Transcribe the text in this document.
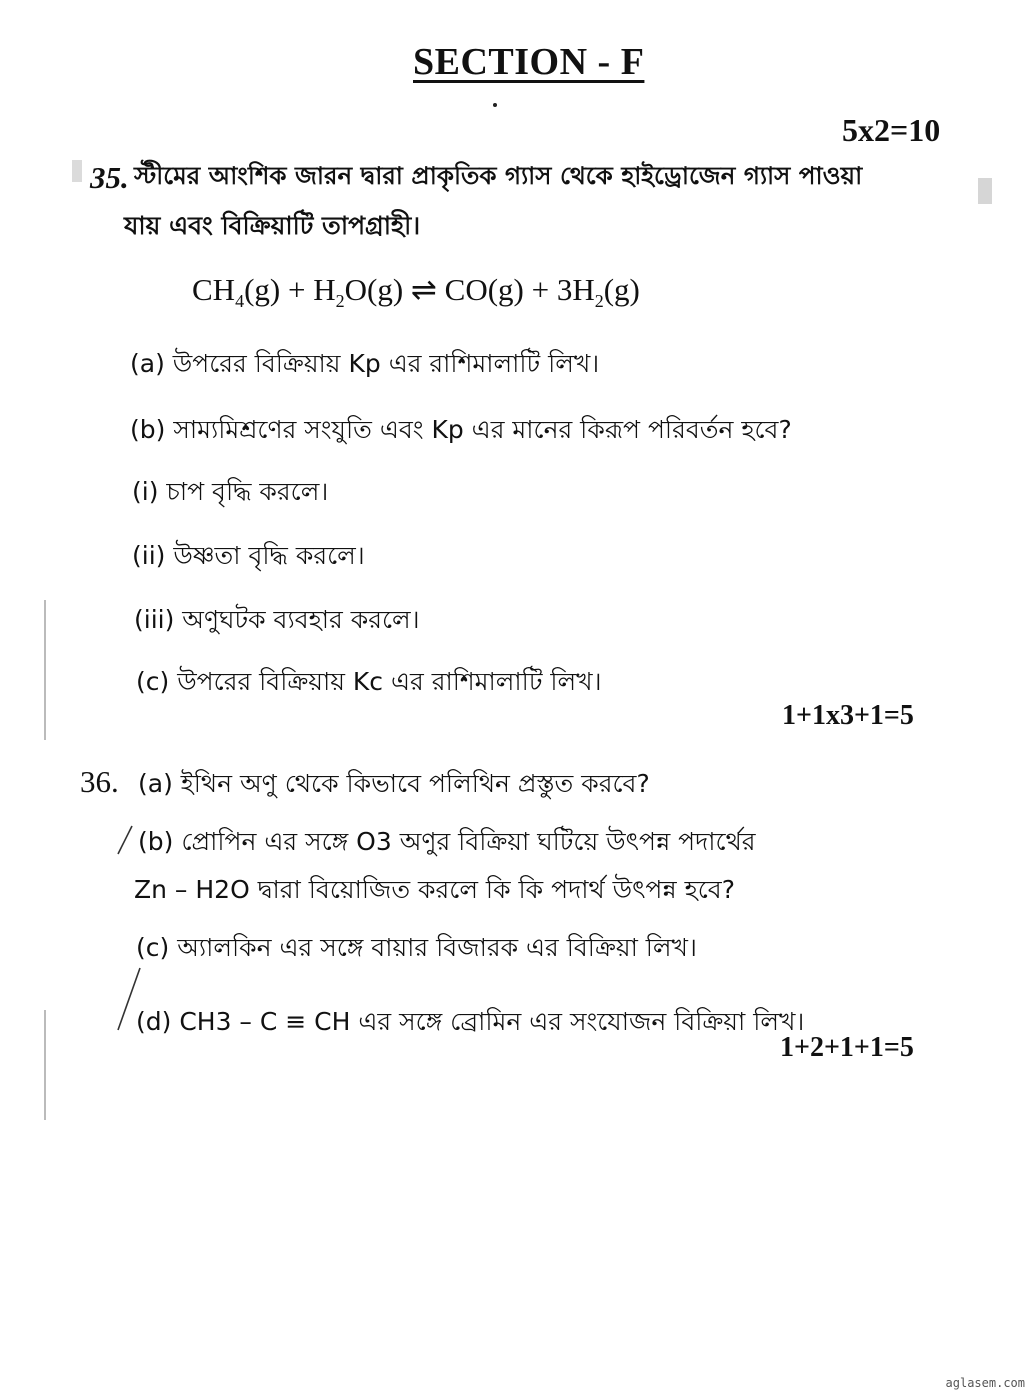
SECTION - F
5x2=10
35. স্টীমের আংশিক জারন দ্বারা প্রাকৃতিক গ্যাস থেকে হাইড্রোজেন গ্যাস পাওয়া
যায় এবং বিক্রিয়াটি তাপগ্রাহী।
$CH_4(g) + H_2O(g)$ ⇌ $CO(g) + 3H_2(g)$
(a) উপরের বিক্রিয়ায় Kp এর রাশিমালাটি লিখ।
(b) সাম্যমিশ্রণের সংযুতি এবং Kp এর মানের কিরূপ পরিবর্তন হবে?
(i) চাপ বৃদ্ধি করলে।
(ii) উষ্ণতা বৃদ্ধি করলে।
(iii) অণুঘটক ব্যবহার করলে।
(c) উপরের বিক্রিয়ায় Kc এর রাশিমালাটি লিখ।
1+1x3+1=5
36. (a) ইথিন অণু থেকে কিভাবে পলিথিন প্রস্তুত করবে?
(b) প্রোপিন এর সঙ্গে O3 অণুর বিক্রিয়া ঘটিয়ে উৎপন্ন পদার্থের
Zn – H2O দ্বারা বিয়োজিত করলে কি কি পদার্থ উৎপন্ন হবে?
(c) অ্যালকিন এর সঙ্গে বায়ার বিজারক এর বিক্রিয়া লিখ।
(d) CH3 – C ≡ CH এর সঙ্গে ব্রোমিন এর সংযোজন বিক্রিয়া লিখ।
1+2+1+1=5
aglasem.com
